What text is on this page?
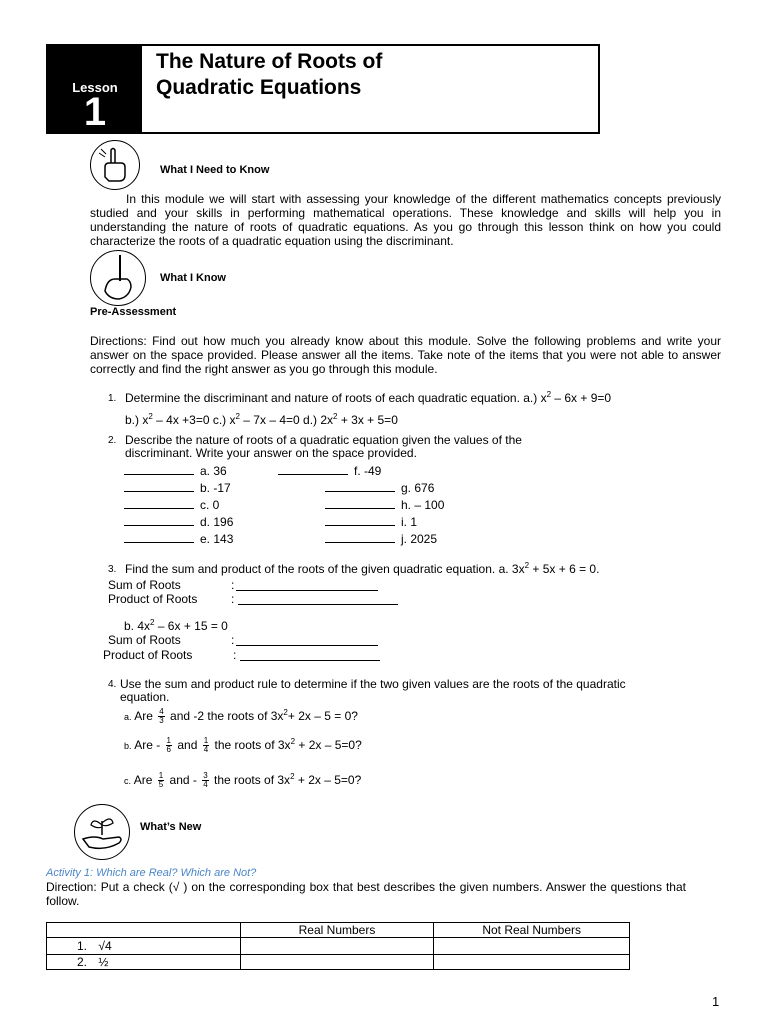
Lesson
1
The Nature of Roots of
Quadratic Equations
What I Need to Know
In this module we will start with assessing your knowledge of the different mathematics concepts previously studied and your skills in performing mathematical operations. These knowledge and skills will help you in understanding the nature of roots of quadratic equations. As you go through this lesson think on how you could characterize the roots of a quadratic equation using the discriminant.
What I Know
Pre-Assessment
Directions: Find out how much you already know about this module. Solve the following problems and write your answer on the space provided. Please answer all the items. Take note of the items that you were not able to answer correctly and find the right answer as you go through this module.
1. Determine the discriminant and nature of roots of each quadratic equation. a.) $x^2 - 6x + 9=0$
b.) $x^2 - 4x +3=0$ c.) $x^2 - 7x - 4=0$ d.) $2x^2 + 3x + 5=0$
2. Describe the nature of roots of a quadratic equation given the values of the
discriminant. Write your answer on the space provided.
a. 36	f. -49
b. -17	g. 676
c. 0	h. – 100
d. 196	i. 1
e. 143	j. 2025
3. Find the sum and product of the roots of the given quadratic equation. a. $3x^2 + 5x + 6 = 0$.
Sum of Roots	:
Product of Roots	:
b. $4x^2 - 6x + 15 = 0$
Sum of Roots	:
Product of Roots	:
4. Use the sum and product rule to determine if the two given values are the roots of the quadratic
equation.
a. Are $\frac{4}{3}$ and -2 the roots of $3x^2+ 2x - 5 = 0$?
b. Are - $\frac{1}{6}$ and $\frac{1}{4}$ the roots of $3x^2 + 2x - 5=0$?
c. Are $\frac{1}{5}$ and - $\frac{3}{4}$ the roots of $3x^2 + 2x - 5=0$?
What’s New
Activity 1: Which are Real? Which are Not?
Direction: Put a check (√ ) on the corresponding box that best describes the given numbers. Answer the questions that follow.
	Real Numbers	Not Real Numbers
1. √4		
2. ½		
1
